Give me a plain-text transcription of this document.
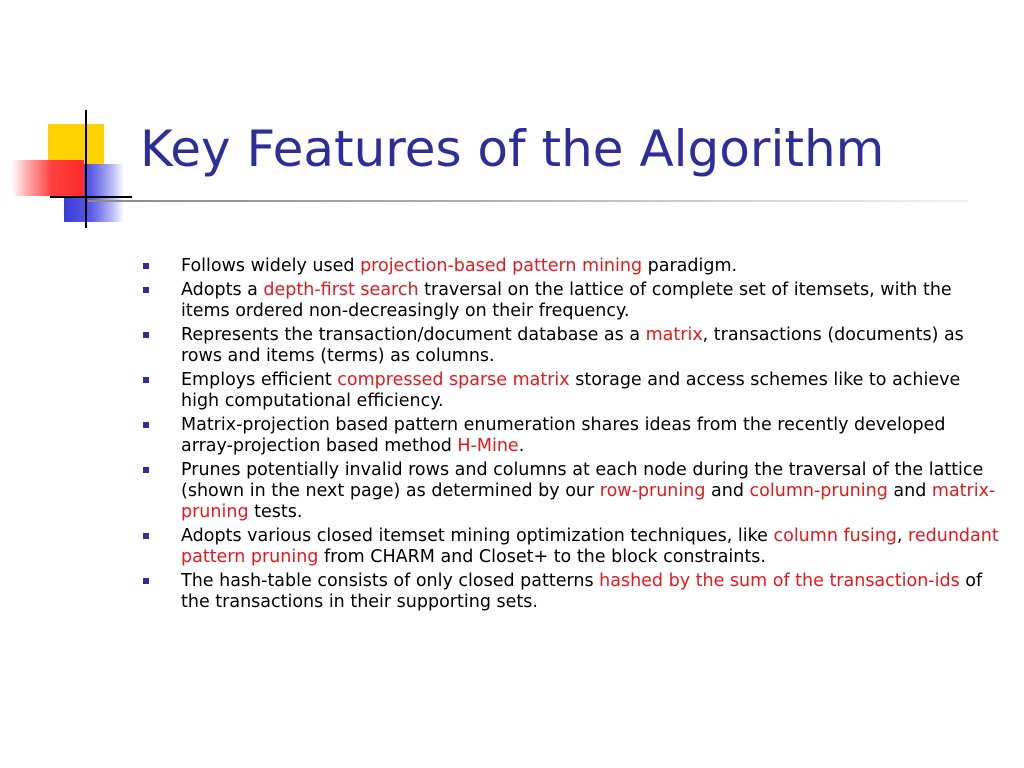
Key Features of the Algorithm
Follows widely used projection-based pattern mining paradigm.
Adopts a depth-first search traversal on the lattice of complete set of itemsets, with the items ordered non-decreasingly on their frequency.
Represents the transaction/document database as a matrix, transactions (documents) as rows and items (terms) as columns.
Employs efficient compressed sparse matrix storage and access schemes like to achieve high computational efficiency.
Matrix-projection based pattern enumeration shares ideas from the recently developed array-projection based method H-Mine.
Prunes potentially invalid rows and columns at each node during the traversal of the lattice (shown in the next page) as determined by our row-pruning and column-pruning and matrix-pruning tests.
Adopts various closed itemset mining optimization techniques, like column fusing, redundant pattern pruning from CHARM and Closet+ to the block constraints.
The hash-table consists of only closed patterns hashed by the sum of the transaction-ids of the transactions in their supporting sets.
